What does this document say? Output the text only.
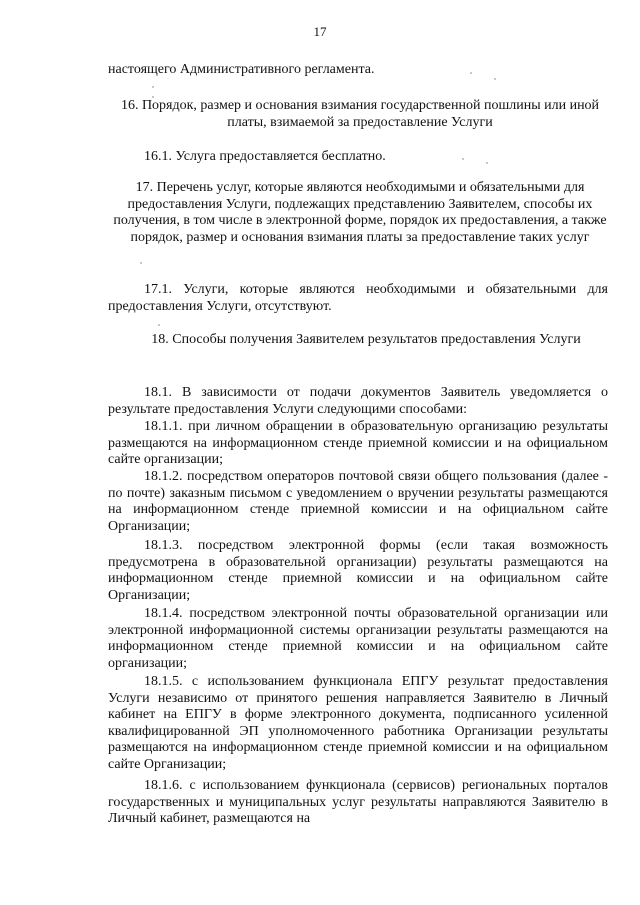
17
настоящего Административного регламента.
16. Порядок, размер и основания взимания государственной пошлины или иной платы, взимаемой за предоставление Услуги
16.1. Услуга предоставляется бесплатно.
17. Перечень услуг, которые являются необходимыми и обязательными для предоставления Услуги, подлежащих представлению Заявителем, способы их получения, в том числе в электронной форме, порядок их предоставления, а также порядок, размер и основания взимания платы за предоставление таких услуг
17.1. Услуги, которые являются необходимыми и обязательными для предоставления Услуги, отсутствуют.
18. Способы получения Заявителем результатов предоставления Услуги
18.1. В зависимости от подачи документов Заявитель уведомляется о результате предоставления Услуги следующими способами:
18.1.1. при личном обращении в образовательную организацию результаты размещаются на информационном стенде приемной комиссии и на официальном сайте организации;
18.1.2. посредством операторов почтовой связи общего пользования (далее - по почте) заказным письмом с уведомлением о вручении результаты размещаются на информационном стенде приемной комиссии и на официальном сайте Организации;
18.1.3. посредством электронной формы (если такая возможность предусмотрена в образовательной организации) результаты размещаются на информационном стенде приемной комиссии и на официальном сайте Организации;
18.1.4. посредством электронной почты образовательной организации или электронной информационной системы организации результаты размещаются на информационном стенде приемной комиссии и на официальном сайте организации;
18.1.5. с использованием функционала ЕПГУ результат предоставления Услуги независимо от принятого решения направляется Заявителю в Личный кабинет на ЕПГУ в форме электронного документа, подписанного усиленной квалифицированной ЭП уполномоченного работника Организации результаты размещаются на информационном стенде приемной комиссии и на официальном сайте Организации;
18.1.6. с использованием функционала (сервисов) региональных порталов государственных и муниципальных услуг результаты направляются Заявителю в Личный кабинет, размещаются на
